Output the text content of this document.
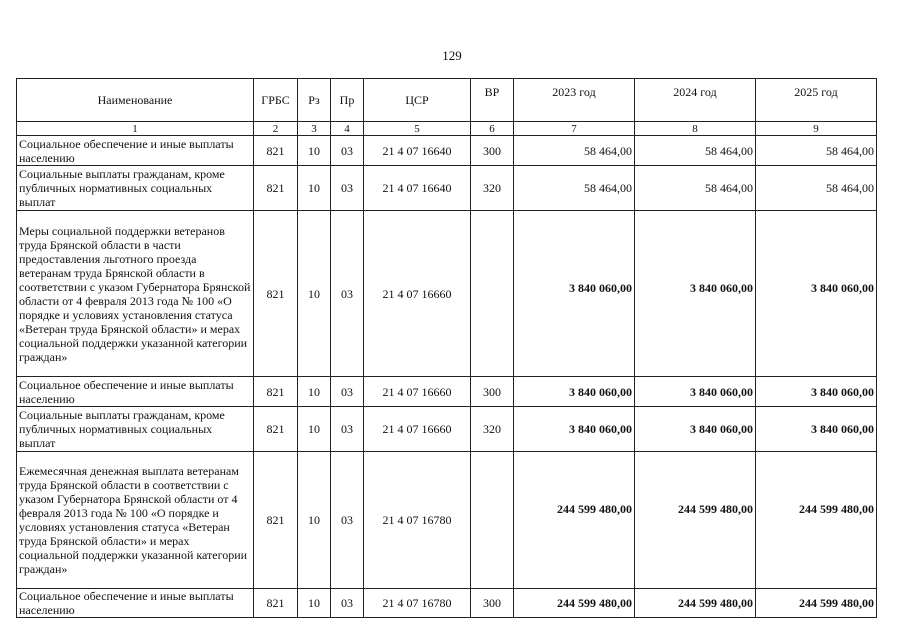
129
Наименование	ГРБС	Рз	Пр	ЦСР	ВР	2023 год	2024 год	2025 год
1	2	3	4	5	6	7	8	9
Социальное обеспечение и иные выплаты населению	821	10	03	21 4 07 16640	300	58 464,00	58 464,00	58 464,00
Социальные выплаты гражданам, кроме публичных нормативных социальных выплат	821	10	03	21 4 07 16640	320	58 464,00	58 464,00	58 464,00
Меры социальной поддержки ветеранов труда Брянской области в части предоставления льготного проезда ветеранам труда Брянской области в соответствии с указом Губернатора Брянской области от 4 февраля 2013 года № 100 «О порядке и условиях установления статуса «Ветеран труда Брянской области» и мерах социальной поддержки указанной категории граждан»	821	10	03	21 4 07 16660		3 840 060,00	3 840 060,00	3 840 060,00
Социальное обеспечение и иные выплаты населению	821	10	03	21 4 07 16660	300	3 840 060,00	3 840 060,00	3 840 060,00
Социальные выплаты гражданам, кроме публичных нормативных социальных выплат	821	10	03	21 4 07 16660	320	3 840 060,00	3 840 060,00	3 840 060,00
Ежемесячная денежная выплата ветеранам труда Брянской области в соответствии с указом Губернатора Брянской области от 4 февраля 2013 года № 100 «О порядке и условиях установления статуса «Ветеран труда Брянской области» и мерах социальной поддержки указанной категории граждан»	821	10	03	21 4 07 16780		244 599 480,00	244 599 480,00	244 599 480,00
Социальное обеспечение и иные выплаты населению	821	10	03	21 4 07 16780	300	244 599 480,00	244 599 480,00	244 599 480,00
